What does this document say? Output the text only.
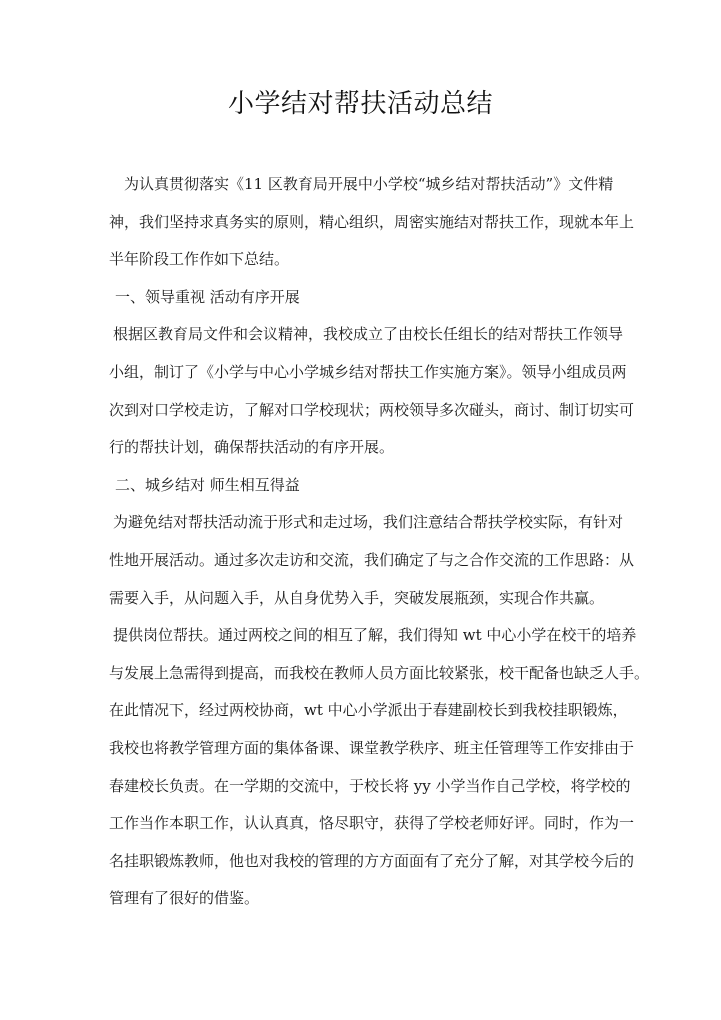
小学结对帮扶活动总结
为认真贯彻落实《11 区教育局开展中小学校“城乡结对帮扶活动”》文件精
神，我们坚持求真务实的原则，精心组织，周密实施结对帮扶工作，现就本年上
半年阶段工作作如下总结。
一、领导重视 活动有序开展
根据区教育局文件和会议精神，我校成立了由校长任组长的结对帮扶工作领导
小组，制订了《小学与中心小学城乡结对帮扶工作实施方案》。领导小组成员两
次到对口学校走访，了解对口学校现状；两校领导多次碰头，商讨、制订切实可
行的帮扶计划，确保帮扶活动的有序开展。
二、城乡结对 师生相互得益
为避免结对帮扶活动流于形式和走过场，我们注意结合帮扶学校实际，有针对
性地开展活动。通过多次走访和交流，我们确定了与之合作交流的工作思路：从
需要入手，从问题入手，从自身优势入手，突破发展瓶颈，实现合作共赢。
提供岗位帮扶。通过两校之间的相互了解，我们得知 wt 中心小学在校干的培养
与发展上急需得到提高，而我校在教师人员方面比较紧张，校干配备也缺乏人手。
在此情况下，经过两校协商，wt 中心小学派出于春建副校长到我校挂职锻炼，
我校也将教学管理方面的集体备课、课堂教学秩序、班主任管理等工作安排由于
春建校长负责。在一学期的交流中，于校长将 yy 小学当作自己学校，将学校的
工作当作本职工作，认认真真，恪尽职守，获得了学校老师好评。同时，作为一
名挂职锻炼教师，他也对我校的管理的方方面面有了充分了解，对其学校今后的
管理有了很好的借鉴。
